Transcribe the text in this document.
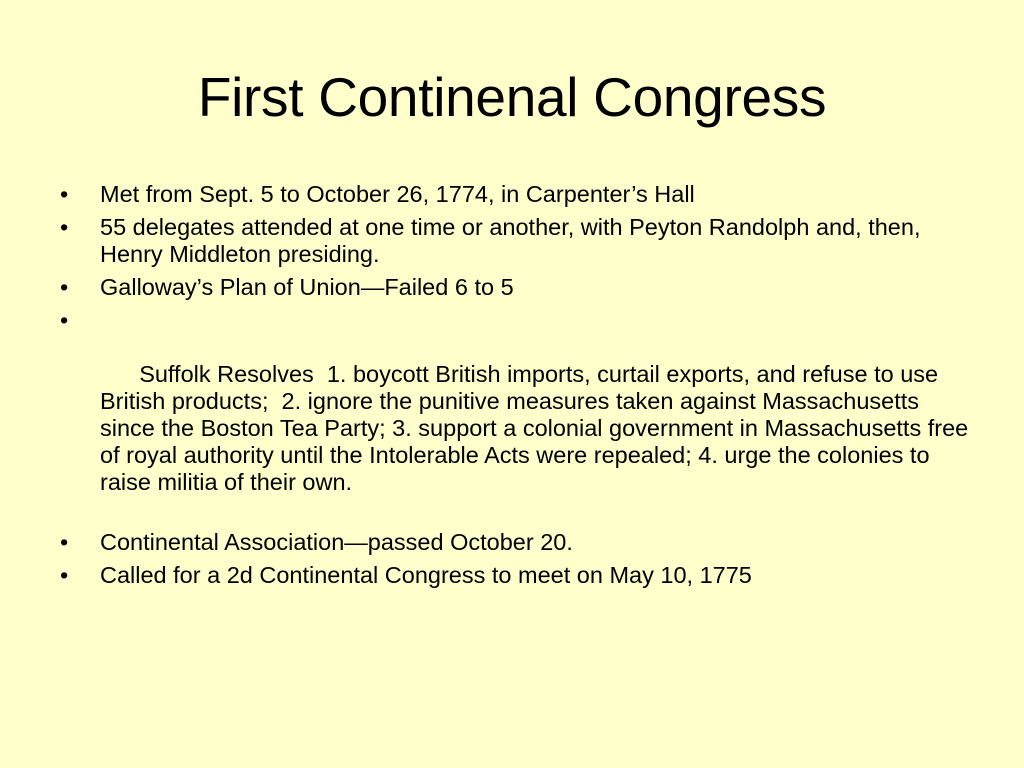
First Continenal Congress
•	Met from Sept. 5 to October 26, 1774, in Carpenter’s Hall
•	55 delegates attended at one time or another, with Peyton Randolph and, then, Henry Middleton presiding.
•	Galloway’s Plan of Union—Failed 6 to 5

•

Suffolk Resolves  1. boycott British imports, curtail exports, and refuse to use British products;  2. ignore the punitive measures taken against Massachusetts since the Boston Tea Party; 3. support a colonial government in Massachusetts free of royal authority until the Intolerable Acts were repealed; 4. urge the colonies to raise militia of their own.

•	Continental Association—passed October 20.
•	Called for a 2d Continental Congress to meet on May 10, 1775
